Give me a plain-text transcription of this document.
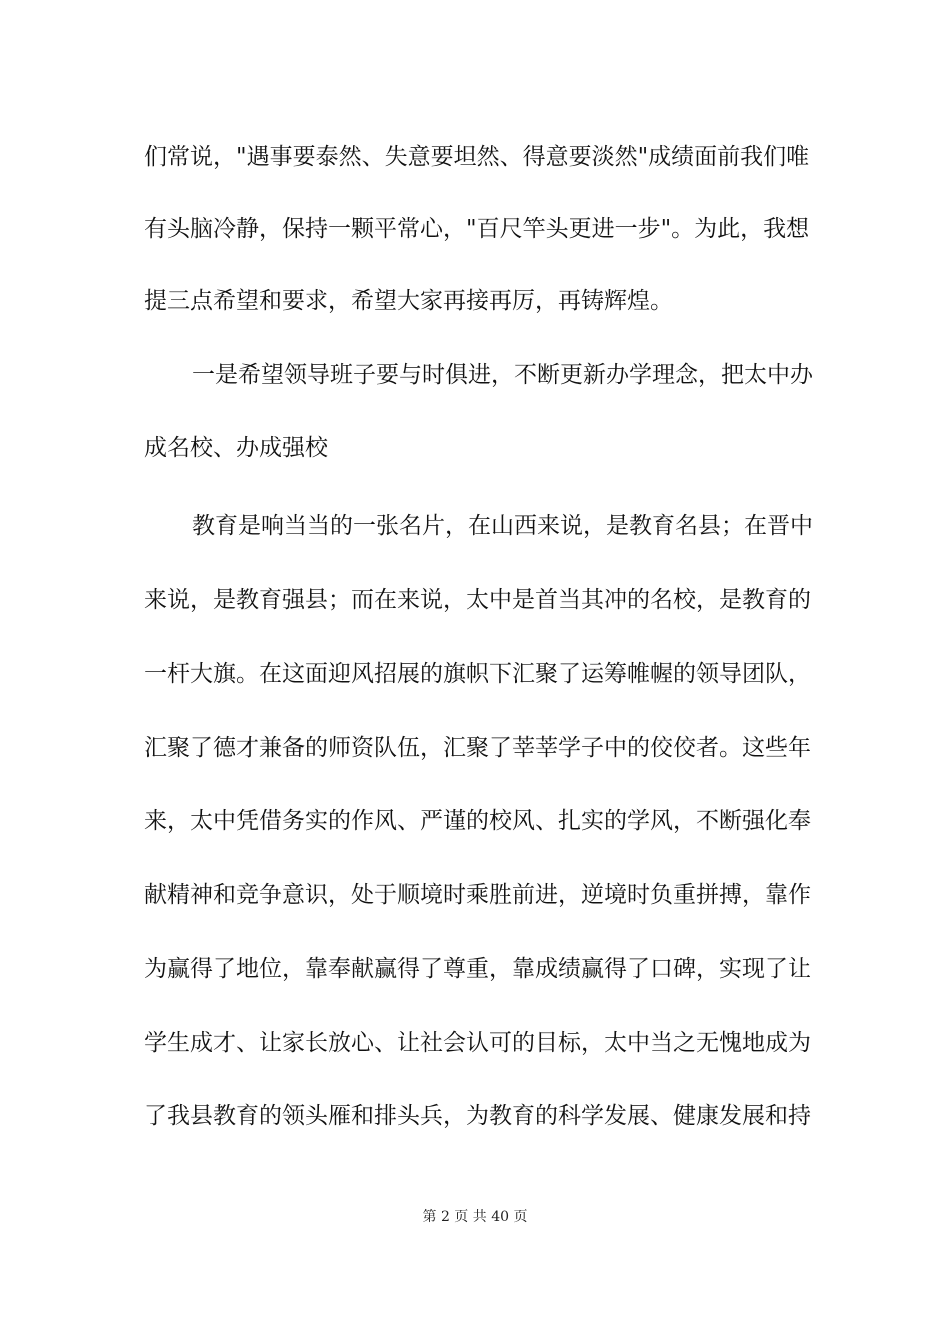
们常说，"遇事要泰然、失意要坦然、得意要淡然"成绩面前我们唯
有头脑冷静，保持一颗平常心，"百尺竿头更进一步"。为此，我想
提三点希望和要求，希望大家再接再厉，再铸辉煌。
一是希望领导班子要与时俱进，不断更新办学理念，把太中办
成名校、办成强校
教育是响当当的一张名片，在山西来说，是教育名县；在晋中
来说，是教育强县；而在来说，太中是首当其冲的名校，是教育的
一杆大旗。在这面迎风招展的旗帜下汇聚了运筹帷幄的领导团队，
汇聚了德才兼备的师资队伍，汇聚了莘莘学子中的佼佼者。这些年
来，太中凭借务实的作风、严谨的校风、扎实的学风，不断强化奉
献精神和竞争意识，处于顺境时乘胜前进，逆境时负重拼搏，靠作
为赢得了地位，靠奉献赢得了尊重，靠成绩赢得了口碑，实现了让
学生成才、让家长放心、让社会认可的目标，太中当之无愧地成为
了我县教育的领头雁和排头兵，为教育的科学发展、健康发展和持
第 2 页 共 40 页
